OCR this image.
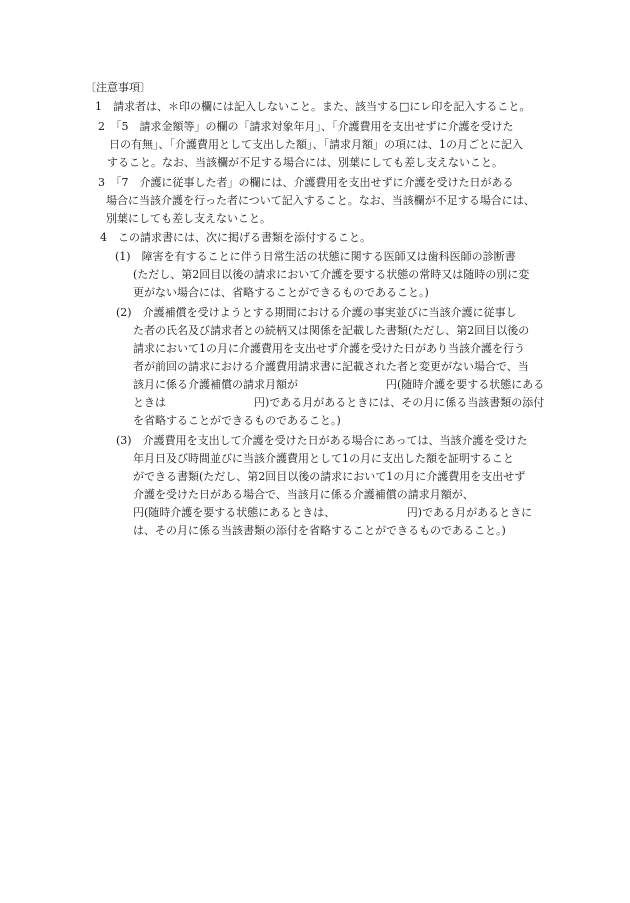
〔注意事項〕
1　請求者は、＊印の欄には記入しないこと。また、該当する□にレ印を記入すること。
2　「5　請求金額等」の欄の「請求対象年月」、「介護費用を支出せずに介護を受けた
日の有無」、「介護費用として支出した額」、「請求月額」の項には、1の月ごとに記入
すること。なお、当該欄が不足する場合には、別葉にしても差し支えないこと。
3　「7　介護に従事した者」の欄には、介護費用を支出せずに介護を受けた日がある
場合に当該介護を行った者について記入すること。なお、当該欄が不足する場合には、
別葉にしても差し支えないこと。
4　この請求書には、次に掲げる書類を添付すること。
(1)　障害を有することに伴う日常生活の状態に関する医師又は歯科医師の診断書
(ただし、第2回目以後の請求において介護を要する状態の常時又は随時の別に変
更がない場合には、省略することができるものであること。)
(2)　介護補償を受けようとする期間における介護の事実並びに当該介護に従事し
た者の氏名及び請求者との続柄又は関係を記載した書類(ただし、第2回目以後の
請求において1の月に介護費用を支出せず介護を受けた日があり当該介護を行う
者が前回の請求における介護費用請求書に記載された者と変更がない場合で、当
該月に係る介護補償の請求月額が　　　　　　　　円(随時介護を要する状態にある
ときは　　　　　　　　円)である月があるときには、その月に係る当該書類の添付
を省略することができるものであること。)
(3)　介護費用を支出して介護を受けた日がある場合にあっては、当該介護を受けた
年月日及び時間並びに当該介護費用として1の月に支出した額を証明すること
ができる書類(ただし、第2回目以後の請求において1の月に介護費用を支出せず
介護を受けた日がある場合で、当該月に係る介護補償の請求月額が、
円(随時介護を要する状態にあるときは、　　　　　　　円)である月があるときに
は、その月に係る当該書類の添付を省略することができるものであること。)
